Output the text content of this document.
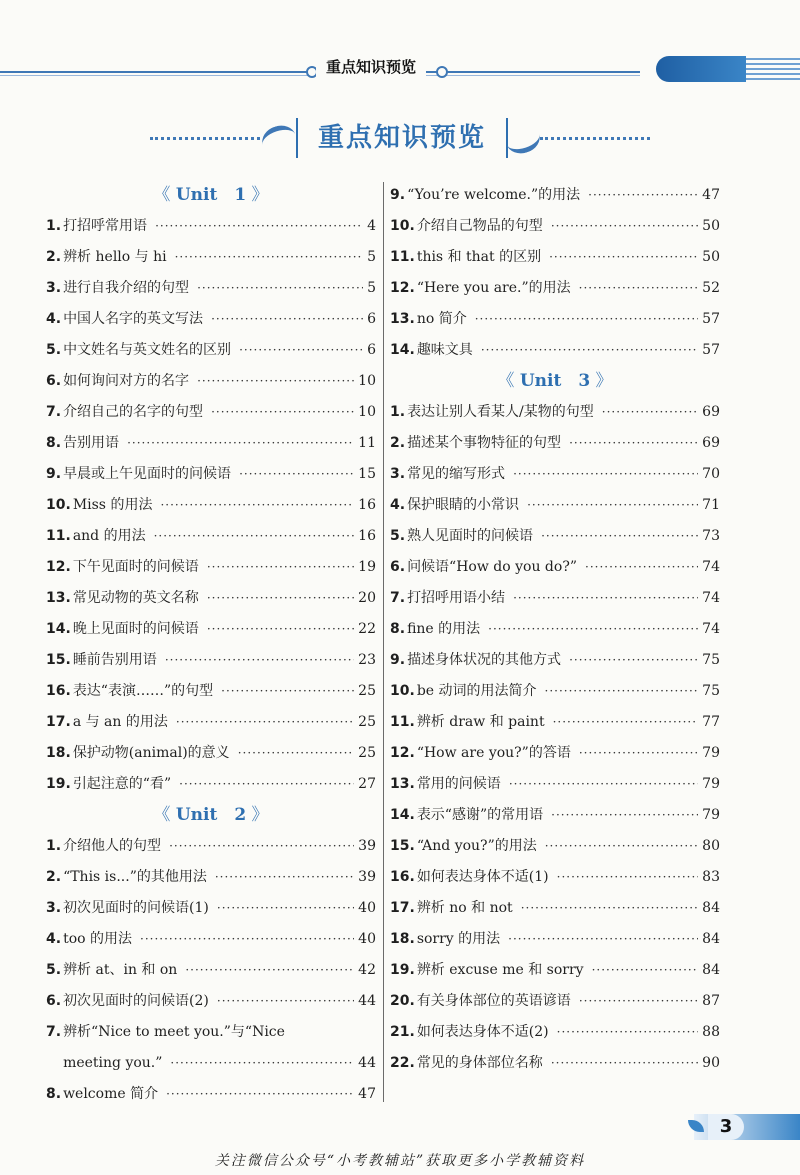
重点知识预览
重点知识预览
《 Unit　1 》
1. 打招呼常用语 ·····	4
2. 辨析 hello 与 hi ·····	5
3. 进行自我介绍的句型 ·····	5
4. 中国人名字的英文写法 ·····	6
5. 中文姓名与英文姓名的区别 ·····	6
6. 如何询问对方的名字 ·····	10
7. 介绍自己的名字的句型 ·····	10
8. 告别用语 ·····	11
9. 早晨或上午见面时的问候语 ·····	15
10. Miss 的用法 ·····	16
11. and 的用法 ·····	16
12. 下午见面时的问候语 ·····	19
13. 常见动物的英文名称 ·····	20
14. 晚上见面时的问候语 ·····	22
15. 睡前告别用语 ·····	23
16. 表达“表演……”的句型 ·····	25
17. a 与 an 的用法 ·····	25
18. 保护动物(animal)的意义 ·····	25
19. 引起注意的“看” ·····	27
《 Unit　2 》
1. 介绍他人的句型 ·····	39
2. “This is...”的其他用法 ·····	39
3. 初次见面时的问候语(1) ·····	40
4. too 的用法 ·····	40
5. 辨析 at、in 和 on ·····	42
6. 初次见面时的问候语(2) ·····	44
7. 辨析“Nice to meet you.”与“Nice
meeting you.” ·····	44
8. welcome 简介 ·····	47
9. “You’re welcome.”的用法 ·····	47
10. 介绍自己物品的句型 ·····	50
11. this 和 that 的区别 ·····	50
12. “Here you are.”的用法 ·····	52
13. no 简介 ·····	57
14. 趣味文具 ·····	57
《 Unit　3 》
1. 表达让别人看某人/某物的句型 ·····	69
2. 描述某个事物特征的句型 ·····	69
3. 常见的缩写形式 ·····	70
4. 保护眼睛的小常识 ·····	71
5. 熟人见面时的问候语 ·····	73
6. 问候语“How do you do?” ·····	74
7. 打招呼用语小结 ·····	74
8. fine 的用法 ·····	74
9. 描述身体状况的其他方式 ·····	75
10. be 动词的用法简介 ·····	75
11. 辨析 draw 和 paint ·····	77
12. “How are you?”的答语 ·····	79
13. 常用的问候语 ·····	79
14. 表示“感谢”的常用语 ·····	79
15. “And you?”的用法 ·····	80
16. 如何表达身体不适(1) ·····	83
17. 辨析 no 和 not ·····	84
18. sorry 的用法 ·····	84
19. 辨析 excuse me 和 sorry ·····	84
20. 有关身体部位的英语谚语 ·····	87
21. 如何表达身体不适(2) ·····	88
22. 常见的身体部位名称 ·····	90
3
关注微信公众号“小考教辅站”获取更多小学教辅资料
